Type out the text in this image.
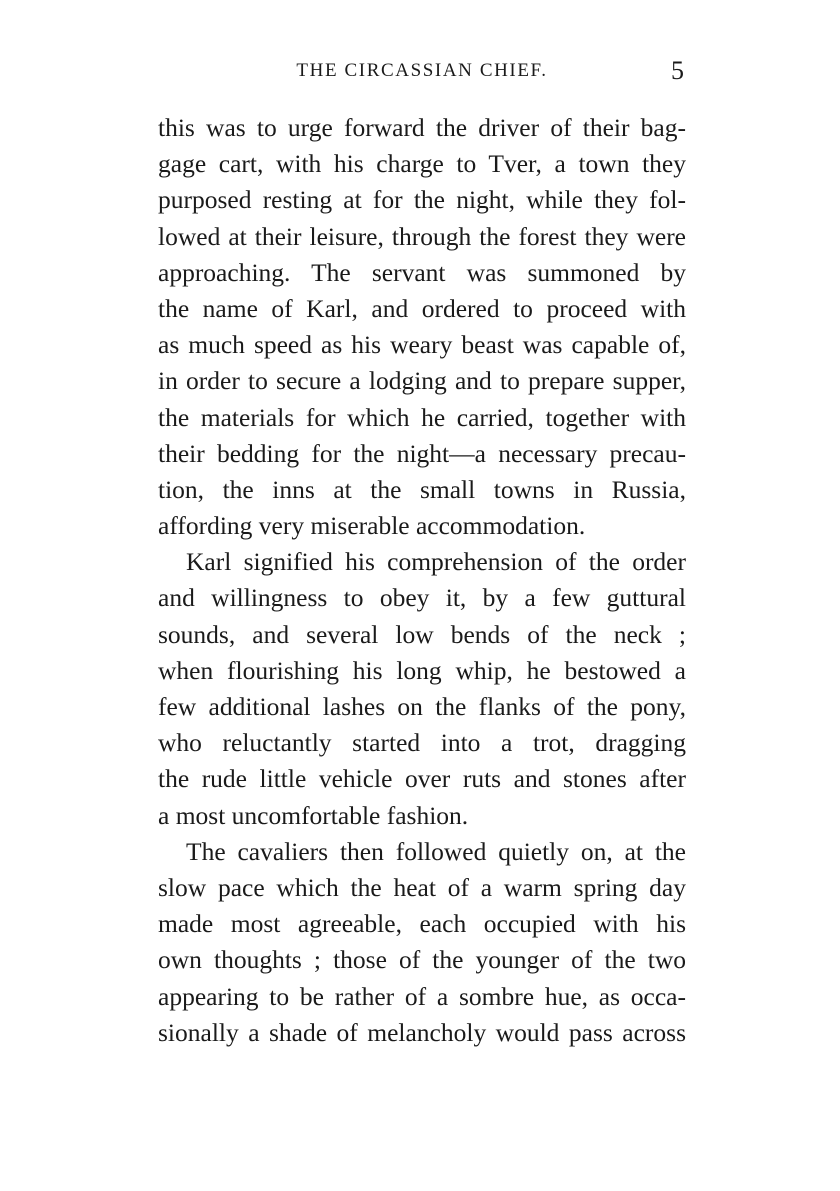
THE CIRCASSIAN CHIEF.	5
this was to urge forward the driver of their bag-
gage cart, with his charge to Tver, a town they
purposed resting at for the night, while they fol-
lowed at their leisure, through the forest they were
approaching. The servant was summoned by
the name of Karl, and ordered to proceed with
as much speed as his weary beast was capable of,
in order to secure a lodging and to prepare supper,
the materials for which he carried, together with
their bedding for the night—a necessary precau-
tion, the inns at the small towns in Russia,
affording very miserable accommodation.
Karl signified his comprehension of the order
and willingness to obey it, by a few guttural
sounds, and several low bends of the neck ;
when flourishing his long whip, he bestowed a
few additional lashes on the flanks of the pony,
who reluctantly started into a trot, dragging
the rude little vehicle over ruts and stones after
a most uncomfortable fashion.
The cavaliers then followed quietly on, at the
slow pace which the heat of a warm spring day
made most agreeable, each occupied with his
own thoughts ; those of the younger of the two
appearing to be rather of a sombre hue, as occa-
sionally a shade of melancholy would pass across
